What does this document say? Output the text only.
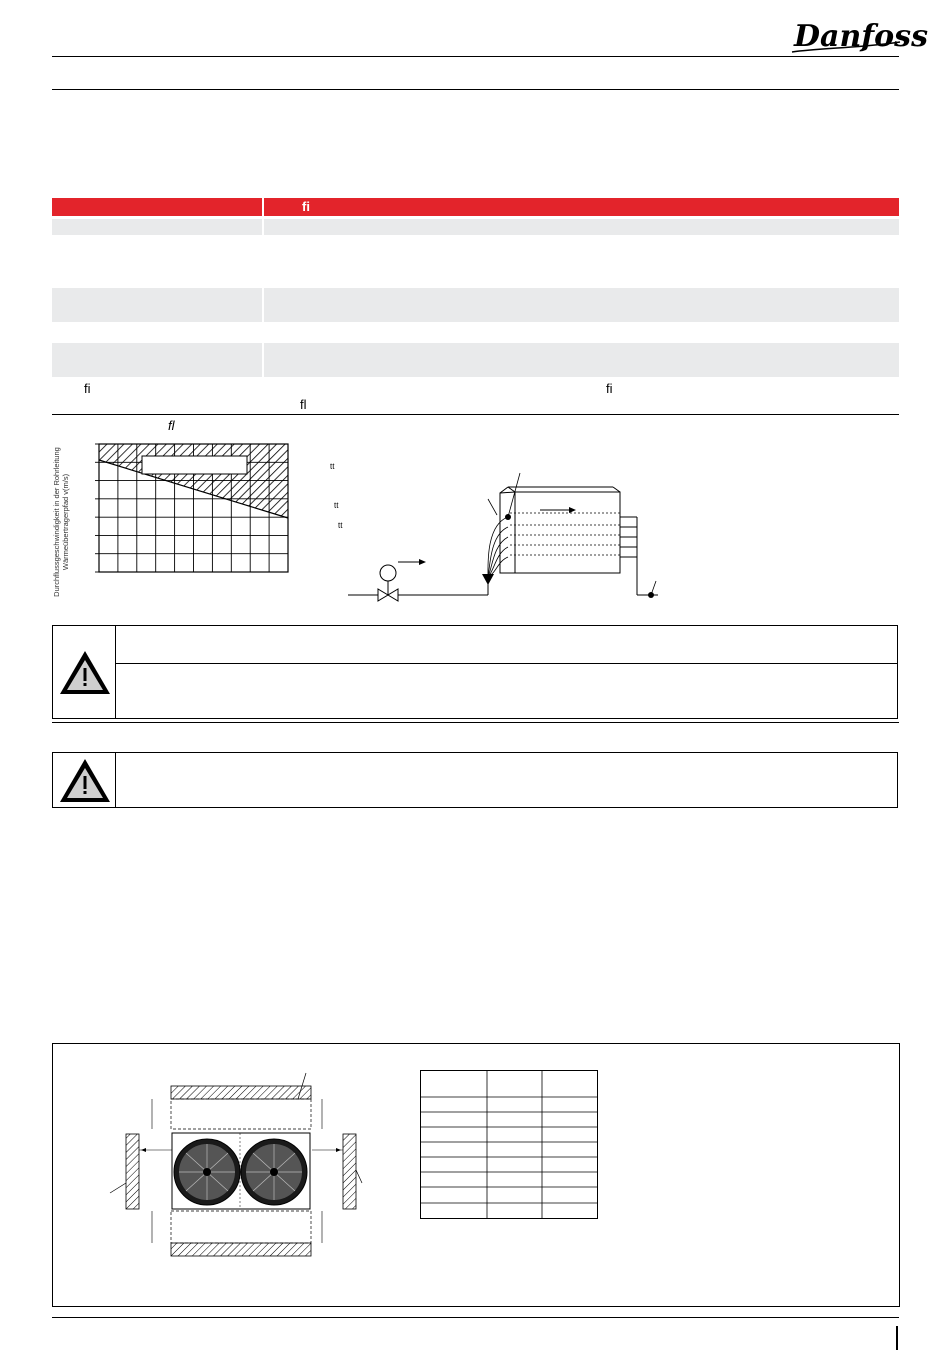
Danfoss
fi
fi	fi
fl
fl
Durchflussgeschwindigkeit in der Rohrleitung Wärmeübertragerpfad v(m/s)
tt
tt
tt
